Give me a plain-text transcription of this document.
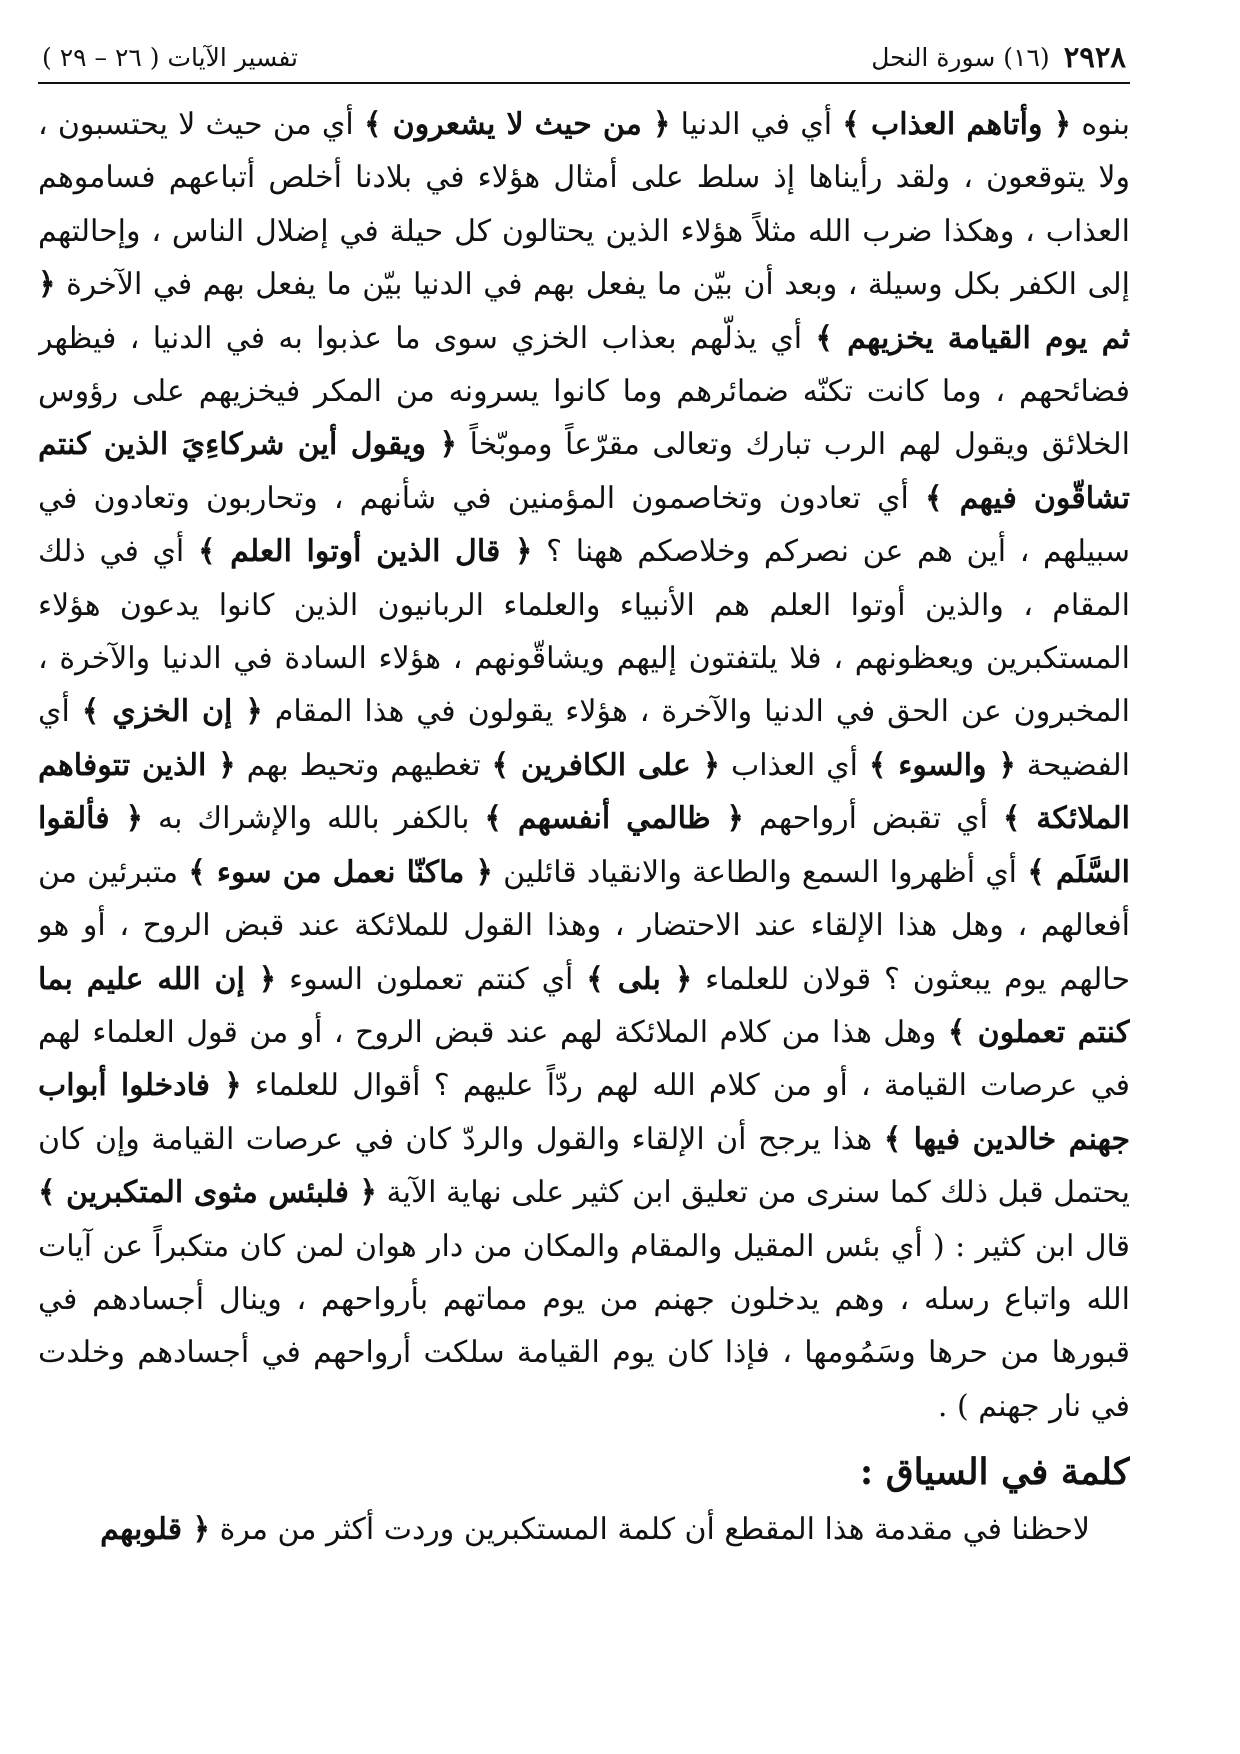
٢٩٢٨
(١٦) سورة النحل
تفسير الآيات ( ٢٦ – ٢٩ )
بنوه ﴿ وأتاهم العذاب ﴾ أي في الدنيا ﴿ من حيث لا يشعرون ﴾ أي من حيث لا يحتسبون ، ولا يتوقعون ، ولقد رأيناها إذ سلط على أمثال هؤلاء في بلادنا أخلص أتباعهم فساموهم العذاب ، وهكذا ضرب الله مثلاً هؤلاء الذين يحتالون كل حيلة في إضلال الناس ، وإحالتهم إلى الكفر بكل وسيلة ، وبعد أن بيّن ما يفعل بهم في الدنيا بيّن ما يفعل بهم في الآخرة ﴿ ثم يوم القيامة يخزيهم ﴾ أي يذلّهم بعذاب الخزي سوى ما عذبوا به في الدنيا ، فيظهر فضائحهم ، وما كانت تكنّه ضمائرهم وما كانوا يسرونه من المكر فيخزيهم على رؤوس الخلائق ويقول لهم الرب تبارك وتعالى مقرّعاً وموبّخاً ﴿ ويقول أين شركاءِيَ الذين كنتم تشاقّون فيهم ﴾ أي تعادون وتخاصمون المؤمنين في شأنهم ، وتحاربون وتعادون في سبيلهم ، أين هم عن نصركم وخلاصكم ههنا ؟ ﴿ قال الذين أوتوا العلم ﴾ أي في ذلك المقام ، والذين أوتوا العلم هم الأنبياء والعلماء الربانيون الذين كانوا يدعون هؤلاء المستكبرين ويعظونهم ، فلا يلتفتون إليهم ويشاقّونهم ، هؤلاء السادة في الدنيا والآخرة ، المخبرون عن الحق في الدنيا والآخرة ، هؤلاء يقولون في هذا المقام ﴿ إن الخزي ﴾ أي الفضيحة ﴿ والسوء ﴾ أي العذاب ﴿ على الكافرين ﴾ تغطيهم وتحيط بهم ﴿ الذين تتوفاهم الملائكة ﴾ أي تقبض أرواحهم ﴿ ظالمي أنفسهم ﴾ بالكفر بالله والإشراك به ﴿ فألقوا السَّلَم ﴾ أي أظهروا السمع والطاعة والانقياد قائلين ﴿ ماكنّا نعمل من سوء ﴾ متبرئين من أفعالهم ، وهل هذا الإلقاء عند الاحتضار ، وهذا القول للملائكة عند قبض الروح ، أو هو حالهم يوم يبعثون ؟ قولان للعلماء ﴿ بلى ﴾ أي كنتم تعملون السوء ﴿ إن الله عليم بما كنتم تعملون ﴾ وهل هذا من كلام الملائكة لهم عند قبض الروح ، أو من قول العلماء لهم في عرصات القيامة ، أو من كلام الله لهم ردّاً عليهم ؟ أقوال للعلماء ﴿ فادخلوا أبواب جهنم خالدين فيها ﴾ هذا يرجح أن الإلقاء والقول والردّ كان في عرصات القيامة وإن كان يحتمل قبل ذلك كما سنرى من تعليق ابن كثير على نهاية الآية ﴿ فلبئس مثوى المتكبرين ﴾ قال ابن كثير : ( أي بئس المقيل والمقام والمكان من دار هوان لمن كان متكبراً عن آيات الله واتباع رسله ، وهم يدخلون جهنم من يوم مماتهم بأرواحهم ، وينال أجسادهم في قبورها من حرها وسَمُومها ، فإذا كان يوم القيامة سلكت أرواحهم في أجسادهم وخلدت في نار جهنم ) .
كلمة في السياق :
لاحظنا في مقدمة هذا المقطع أن كلمة المستكبرين وردت أكثر من مرة ﴿ قلوبهم
